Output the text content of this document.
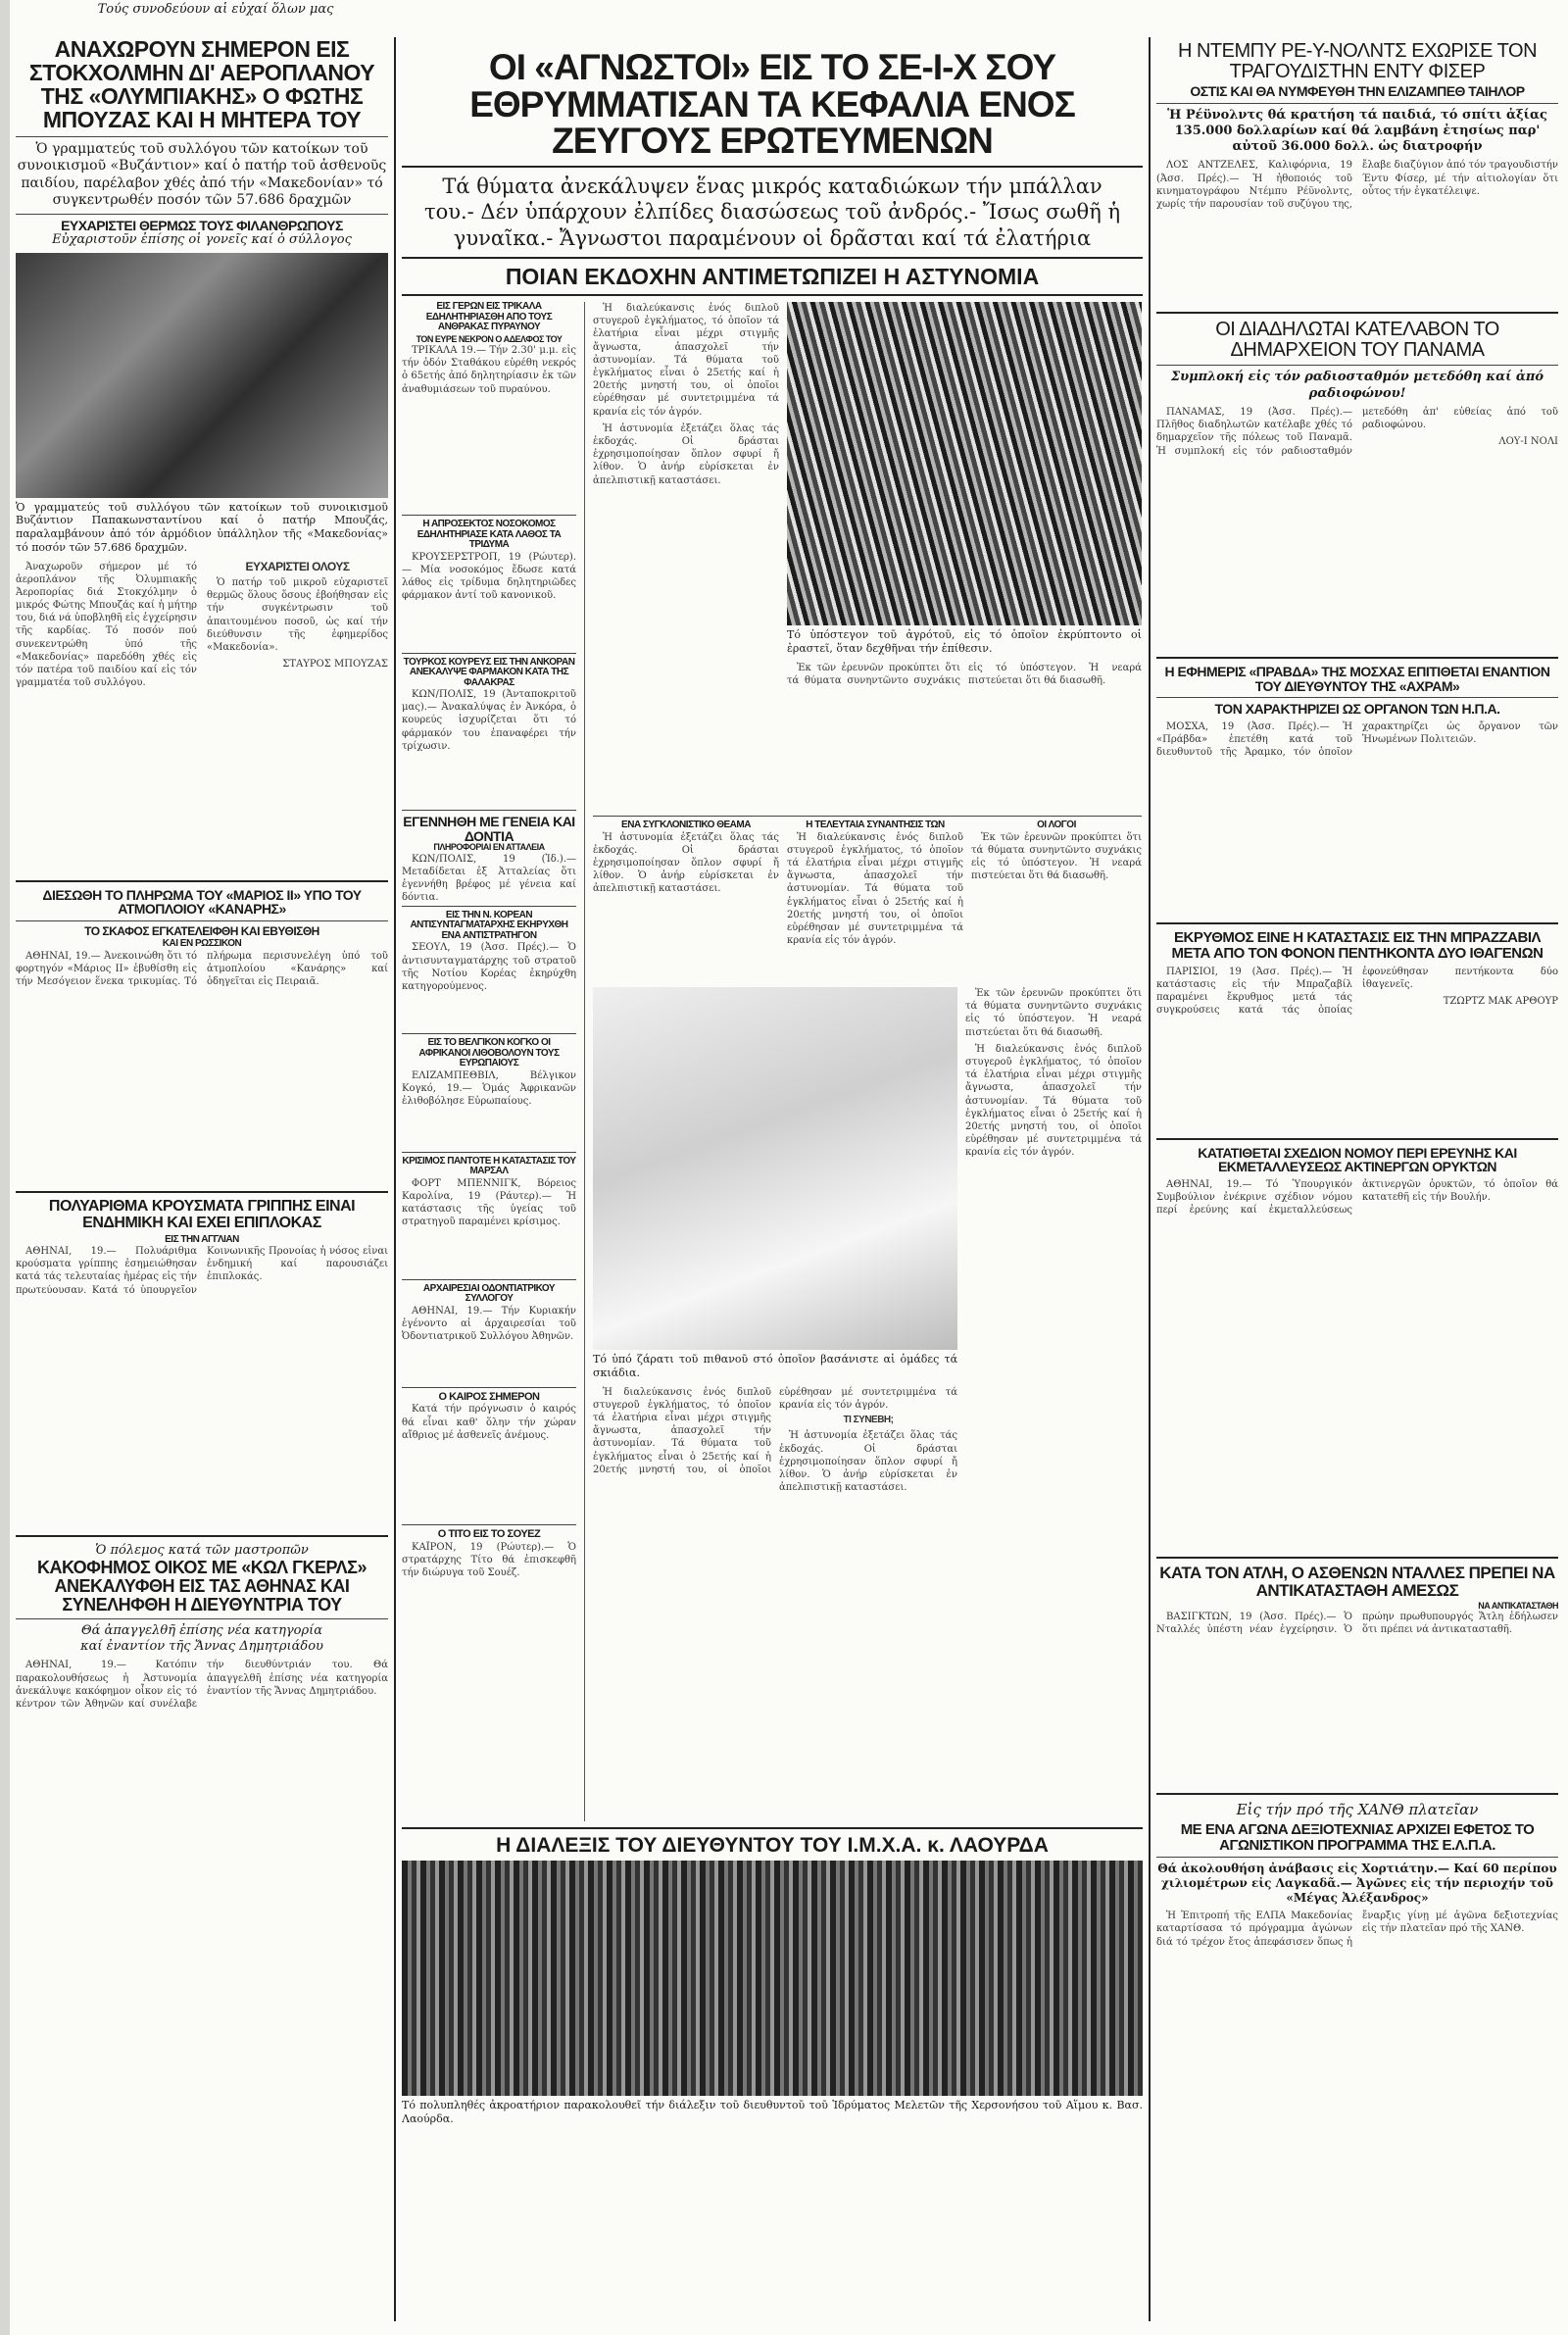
Τούς συνοδεύουν αἱ εὐχαί ὅλων μας
ΑΝΑΧΩΡΟΥΝ ΣΗΜΕΡΟΝ ΕΙΣ ΣΤΟΚΧΟΛΜΗΝ ΔΙ' ΑΕΡΟΠΛΑΝΟΥ ΤΗΣ «ΟΛΥΜΠΙΑΚΗΣ» Ο ΦΩΤΗΣ ΜΠΟΥΖΑΣ ΚΑΙ Η ΜΗΤΕΡΑ ΤΟΥ
Ὁ γραμματεύς τοῦ συλλόγου τῶν κατοίκων τοῦ συνοικισμοῦ «Βυζάντιον» καί ὁ πατήρ τοῦ ἀσθενοῦς παιδίου, παρέλαβον χθές ἀπό τήν «Μακεδονίαν» τό συγκεντρωθέν ποσόν τῶν 57.686 δραχμῶν
ΕΥΧΑΡΙΣΤΕΙ ΘΕΡΜΩΣ ΤΟΥΣ ΦΙΛΑΝΘΡΩΠΟΥΣ
Εὐχαριστοῦν ἐπίσης οἱ γονεῖς καί ὁ σύλλογος
Ὁ γραμματεύς τοῦ συλλόγου τῶν κατοίκων τοῦ συνοικισμοῦ Βυζάντιον Παπακωνσταντίνου καί ὁ πατήρ Μπουζάς, παραλαμβάνουν ἀπό τόν ἀρμόδιον ὑπάλληλον τῆς «Μακεδονίας» τό ποσόν τῶν 57.686 δραχμῶν.

Ἀναχωροῦν σήμερον μέ τό ἀεροπλάνον τῆς Ὀλυμπιακῆς Ἀεροπορίας διά Στοκχόλμην ὁ μικρός Φώτης Μπουζάς καί ἡ μήτηρ του, διά νά ὑποβληθῆ εἰς ἐγχείρησιν τῆς καρδίας. Τό ποσόν πού συνεκεντρώθη ὑπό τῆς «Μακεδονίας» παρεδόθη χθές εἰς τόν πατέρα τοῦ παιδίου καί εἰς τόν γραμματέα τοῦ συλλόγου.

ΕΥΧΑΡΙΣΤΕΙ ΟΛΟΥΣ

Ὁ πατήρ τοῦ μικροῦ εὐχαριστεῖ θερμῶς ὅλους ὅσους ἐβοήθησαν εἰς τήν συγκέντρωσιν τοῦ ἀπαιτουμένου ποσοῦ, ὡς καί τήν διεύθυνσιν τῆς ἐφημερίδος «Μακεδονία».

ΣΤΑΥΡΟΣ ΜΠΟΥΖΑΣ

ΔΙΕΣΩΘΗ ΤΟ ΠΛΗΡΩΜΑ ΤΟΥ «ΜΑΡΙΟΣ ΙΙ» ΥΠΟ ΤΟΥ ΑΤΜΟΠΛΟΙΟΥ «ΚΑΝΑΡΗΣ»
ΤΟ ΣΚΑΦΟΣ ΕΓΚΑΤΕΛΕΙΦΘΗ ΚΑΙ ΕΒΥΘΙΣΘΗ
ΚΑΙ ΕΝ ΡΩΣΣΙΚΟΝ

ΑΘΗΝΑΙ, 19.— Ἀνεκοινώθη ὅτι τό φορτηγόν «Μάριος ΙΙ» ἐβυθίσθη εἰς τήν Μεσόγειον ἕνεκα τρικυμίας. Τό πλήρωμα περισυνελέγη ὑπό τοῦ ἀτμοπλοίου «Κανάρης» καί ὁδηγεῖται εἰς Πειραιᾶ.

ΠΟΛΥΑΡΙΘΜΑ ΚΡΟΥΣΜΑΤΑ ΓΡΙΠΠΗΣ ΕΙΝΑΙ ΕΝΔΗΜΙΚΗ ΚΑΙ ΕΧΕΙ ΕΠΙΠΛΟΚΑΣ
ΕΙΣ ΤΗΝ ΑΓΓΛΙΑΝ

ΑΘΗΝΑΙ, 19.— Πολυάριθμα κρούσματα γρίππης ἐσημειώθησαν κατά τάς τελευταίας ἡμέρας εἰς τήν πρωτεύουσαν. Κατά τό ὑπουργεῖον Κοινωνικῆς Προνοίας ἡ νόσος εἶναι ἐνδημική καί παρουσιάζει ἐπιπλοκάς.

Ὁ πόλεμος κατά τῶν μαστροπῶν
ΚΑΚΟΦΗΜΟΣ ΟΙΚΟΣ ΜΕ «ΚΩΛ ΓΚΕΡΛΣ» ΑΝΕΚΑΛΥΦΘΗ ΕΙΣ ΤΑΣ ΑΘΗΝΑΣ ΚΑΙ ΣΥΝΕΛΗΦΘΗ Η ΔΙΕΥΘΥΝΤΡΙΑ ΤΟΥ
Θά ἀπαγγελθῆ ἐπίσης νέα κατηγορία
καί ἐναντίον τῆς Ἄννας Δημητριάδου

ΑΘΗΝΑΙ, 19.— Κατόπιν παρακολουθήσεως ἡ Ἀστυνομία ἀνεκάλυψε κακόφημον οἶκον εἰς τό κέντρον τῶν Ἀθηνῶν καί συνέλαβε τήν διευθύντριάν του. Θά ἀπαγγελθῆ ἐπίσης νέα κατηγορία ἐναντίον τῆς Ἄννας Δημητριάδου.

ΟΙ «ΑΓΝΩΣΤΟΙ» ΕΙΣ ΤΟ ΣΕ-Ι-Χ ΣΟΥ ΕΘΡΥΜΜΑΤΙΣΑΝ ΤΑ ΚΕΦΑΛΙΑ ΕΝΟΣ ΖΕΥΓΟΥΣ ΕΡΩΤΕΥΜΕΝΩΝ
Τά θύματα ἀνεκάλυψεν ἕνας μικρός καταδιώκων τήν μπάλλαν του.- Δέν ὑπάρχουν ἐλπίδες διασώσεως τοῦ ἀνδρός.- Ἴσως σωθῆ ἡ γυναῖκα.- Ἄγνωστοι παραμένουν οἱ δρᾶσται καί τά ἐλατήρια
ΠΟΙΑΝ ΕΚΔΟΧΗΝ ΑΝΤΙΜΕΤΩΠΙΖΕΙ Η ΑΣΤΥΝΟΜΙΑ
ΕΙΣ ΓΕΡΩΝ ΕΙΣ ΤΡΙΚΑΛΑ ΕΔΗΛΗΤΗΡΙΑΣΘΗ ΑΠΟ ΤΟΥΣ ΑΝΘΡΑΚΑΣ ΠΥΡΑΥΝΟΥ
ΤΟΝ ΕΥΡΕ ΝΕΚΡΟΝ Ο ΑΔΕΛΦΟΣ ΤΟΥ

ΤΡΙΚΑΛΑ 19.— Τήν 2.30' μ.μ. εἰς τήν ὁδόν Σταθάκου εὑρέθη νεκρός ὁ 65ετής ἀπό δηλητηρίασιν ἐκ τῶν ἀναθυμιάσεων τοῦ πυραύνου.

Η ΑΠΡΟΣΕΚΤΟΣ ΝΟΣΟΚΟΜΟΣ ΕΔΗΛΗΤΗΡΙΑΣΕ ΚΑΤΑ ΛΑΘΟΣ ΤΑ ΤΡΙΔΥΜΑ

ΚΡΟΥΣΕΡΣΤΡΟΠ, 19 (Ρώυτερ).— Μία νοσοκόμος ἔδωσε κατά λάθος εἰς τρίδυμα δηλητηριῶδες φάρμακον ἀντί τοῦ κανονικοῦ.

ΤΟΥΡΚΟΣ ΚΟΥΡΕΥΣ ΕΙΣ ΤΗΝ ΑΝΚΟΡΑΝ ΑΝΕΚΑΛΥΨΕ ΦΑΡΜΑΚΟΝ ΚΑΤΑ ΤΗΣ ΦΑΛΑΚΡΑΣ

ΚΩΝ/ΠΟΛΙΣ, 19 (Ἀνταποκριτοῦ μας).— Ἀνακαλύψας ἐν Ἀνκόρα, ὁ κουρεύς ἰσχυρίζεται ὅτι τό φάρμακόν του ἐπαναφέρει τήν τρίχωσιν.

ΕΓΕΝΝΗΘΗ ΜΕ ΓΕΝΕΙΑ ΚΑΙ ΔΟΝΤΙΑ
ΠΛΗΡΟΦΟΡΙΑΙ ΕΝ ΑΤΤΑΛΕΙΑ

ΚΩΝ/ΠΟΛΙΣ, 19 (Ἰδ.).— Μεταδίδεται ἐξ Ἀτταλείας ὅτι ἐγεννήθη βρέφος μέ γένεια καί δόντια.

ΕΙΣ ΤΗΝ Ν. ΚΟΡΕΑΝ ΑΝΤΙΣΥΝΤΑΓΜΑΤΑΡΧΗΣ ΕΚΗΡΥΧΘΗ ΕΝΑ ΑΝΤΙΣΤΡΑΤΗΓΟΝ

ΣΕΟΥΛ, 19 (Ἀσσ. Πρές).— Ὁ ἀντισυνταγματάρχης τοῦ στρατοῦ τῆς Νοτίου Κορέας ἐκηρύχθη κατηγορούμενος.

ΕΙΣ ΤΟ ΒΕΛΓΙΚΟΝ ΚΟΓΚΟ ΟΙ ΑΦΡΙΚΑΝΟΙ ΛΙΘΟΒΟΛΟΥΝ ΤΟΥΣ ΕΥΡΩΠΑΙΟΥΣ

ΕΛΙΖΑΜΠΕΘΒΙΛ, Βέλγικον Κογκό, 19.— Ὁμάς Ἀφρικανῶν ἐλιθοβόλησε Εὐρωπαίους.

ΚΡΙΣΙΜΟΣ ΠΑΝΤΟΤΕ Η ΚΑΤΑΣΤΑΣΙΣ ΤΟΥ ΜΑΡΣΑΛ

ΦΟΡΤ ΜΠΕΝΝΙΓΚ, Βόρειος Καρολίνα, 19 (Ράυτερ).— Ἡ κατάστασις τῆς ὑγείας τοῦ στρατηγοῦ παραμένει κρίσιμος.

ΑΡΧΑΙΡΕΣΙΑΙ ΟΔΟΝΤΙΑΤΡΙΚΟΥ ΣΥΛΛΟΓΟΥ

ΑΘΗΝΑΙ, 19.— Τήν Κυριακήν ἐγένοντο αἱ ἀρχαιρεσίαι τοῦ Ὀδοντιατρικοῦ Συλλόγου Ἀθηνῶν.

Ο ΚΑΙΡΟΣ ΣΗΜΕΡΟΝ

Κατά τήν πρόγνωσιν ὁ καιρός θά εἶναι καθ' ὅλην τήν χώραν αἴθριος μέ ἀσθενεῖς ἀνέμους.

Ο ΤΙΤΟ ΕΙΣ ΤΟ ΣΟΥΕΖ

ΚΑΪΡΟΝ, 19 (Ρώυτερ).— Ὁ στρατάρχης Τίτο θά ἐπισκεφθῆ τήν διώρυγα τοῦ Σουέζ.

Ἡ διαλεύκανσις ἑνός διπλοῦ στυγεροῦ ἐγκλήματος, τό ὁποῖον τά ἐλατήρια εἶναι μέχρι στιγμῆς ἄγνωστα, ἀπασχολεῖ τήν ἀστυνομίαν. Τά θύματα τοῦ ἐγκλήματος εἶναι ὁ 25ετής καί ἡ 20ετής μνηστή του, οἱ ὁποῖοι εὑρέθησαν μέ συντετριμμένα τά κρανία εἰς τόν ἀγρόν.

Ἡ ἀστυνομία ἐξετάζει ὅλας τάς ἐκδοχάς. Οἱ δράσται ἐχρησιμοποίησαν ὅπλον σφυρί ἤ λίθον. Ὁ ἀνήρ εὑρίσκεται ἐν ἀπελπιστικῇ καταστάσει.

Τό ὑπόστεγον τοῦ ἀγρότοῦ, εἰς τό ὁποῖον ἐκρύπτοντο οἱ ἐραστεῖ, ὅταν δεχθῆναι τήν ἐπίθεσιν.

Ἐκ τῶν ἐρευνῶν προκύπτει ὅτι τά θύματα συνηντῶντο συχνάκις εἰς τό ὑπόστεγον. Ἡ νεαρά πιστεύεται ὅτι θά διασωθῆ.

ΕΝΑ ΣΥΓΚΛΟΝΙΣΤΙΚΟ ΘΕΑΜΑ

Ἡ ἀστυνομία ἐξετάζει ὅλας τάς ἐκδοχάς. Οἱ δράσται ἐχρησιμοποίησαν ὅπλον σφυρί ἤ λίθον. Ὁ ἀνήρ εὑρίσκεται ἐν ἀπελπιστικῇ καταστάσει.

Η ΤΕΛΕΥΤΑΙΑ ΣΥΝΑΝΤΗΣΙΣ ΤΩΝ

Ἡ διαλεύκανσις ἑνός διπλοῦ στυγεροῦ ἐγκλήματος, τό ὁποῖον τά ἐλατήρια εἶναι μέχρι στιγμῆς ἄγνωστα, ἀπασχολεῖ τήν ἀστυνομίαν. Τά θύματα τοῦ ἐγκλήματος εἶναι ὁ 25ετής καί ἡ 20ετής μνηστή του, οἱ ὁποῖοι εὑρέθησαν μέ συντετριμμένα τά κρανία εἰς τόν ἀγρόν.

ΟΙ ΛΟΓΟΙ

Ἐκ τῶν ἐρευνῶν προκύπτει ὅτι τά θύματα συνηντῶντο συχνάκις εἰς τό ὑπόστεγον. Ἡ νεαρά πιστεύεται ὅτι θά διασωθῆ.

Τό ὑπό ζάρατι τοῦ πιθανοῦ στό ὁποῖον βασάνιστε αἱ ὀμάδες τά σκιάδια.

Ἡ διαλεύκανσις ἑνός διπλοῦ στυγεροῦ ἐγκλήματος, τό ὁποῖον τά ἐλατήρια εἶναι μέχρι στιγμῆς ἄγνωστα, ἀπασχολεῖ τήν ἀστυνομίαν. Τά θύματα τοῦ ἐγκλήματος εἶναι ὁ 25ετής καί ἡ 20ετής μνηστή του, οἱ ὁποῖοι εὑρέθησαν μέ συντετριμμένα τά κρανία εἰς τόν ἀγρόν.

ΤΙ ΣΥΝΕΒΗ;

Ἡ ἀστυνομία ἐξετάζει ὅλας τάς ἐκδοχάς. Οἱ δράσται ἐχρησιμοποίησαν ὅπλον σφυρί ἤ λίθον. Ὁ ἀνήρ εὑρίσκεται ἐν ἀπελπιστικῇ καταστάσει.

Ἐκ τῶν ἐρευνῶν προκύπτει ὅτι τά θύματα συνηντῶντο συχνάκις εἰς τό ὑπόστεγον. Ἡ νεαρά πιστεύεται ὅτι θά διασωθῆ.

Ἡ διαλεύκανσις ἑνός διπλοῦ στυγεροῦ ἐγκλήματος, τό ὁποῖον τά ἐλατήρια εἶναι μέχρι στιγμῆς ἄγνωστα, ἀπασχολεῖ τήν ἀστυνομίαν. Τά θύματα τοῦ ἐγκλήματος εἶναι ὁ 25ετής καί ἡ 20ετής μνηστή του, οἱ ὁποῖοι εὑρέθησαν μέ συντετριμμένα τά κρανία εἰς τόν ἀγρόν.

Η ΔΙΑΛΕΞΙΣ ΤΟΥ ΔΙΕΥΘΥΝΤΟΥ ΤΟΥ Ι.Μ.Χ.Α. κ. ΛΑΟΥΡΔΑ
Τό πολυπληθές ἀκροατήριον παρακολουθεῖ τήν διάλεξιν τοῦ διευθυντοῦ τοῦ Ἱδρύματος Μελετῶν τῆς Χερσονήσου τοῦ Αἵμου κ. Βασ. Λαούρδα.
Η ΝΤΕΜΠΥ ΡΕ-Υ-ΝΟΛΝΤΣ ΕΧΩΡΙΣΕ ΤΟΝ ΤΡΑΓΟΥΔΙΣΤΗΝ ΕΝΤΥ ΦΙΣΕΡ
ΟΣΤΙΣ ΚΑΙ ΘΑ ΝΥΜΦΕΥΘΗ ΤΗΝ ΕΛΙΖΑΜΠΕΘ ΤΑΙΗΛΟΡ
Ἡ Ρέϋνολντς θά κρατήση τά παιδιά, τό σπίτι ἀξίας 135.000 δολλαρίων καί θά λαμβάνη ἐτησίως παρ' αὐτοῦ 36.000 δολλ. ὡς διατροφήν

ΛΟΣ ΑΝΤΖΕΛΕΣ, Καλιφόρνια, 19 (Ἀσσ. Πρές).— Ἡ ἠθοποιός τοῦ κινηματογράφου Ντέμπυ Ρέϋνολντς, χωρίς τήν παρουσίαν τοῦ συζύγου της, ἔλαβε διαζύγιον ἀπό τόν τραγουδιστήν Έντυ Φίσερ, μέ τήν αἰτιολογίαν ὅτι οὗτος τήν ἐγκατέλειψε.

ΟΙ ΔΙΑΔΗΛΩΤΑΙ ΚΑΤΕΛΑΒΟΝ ΤΟ ΔΗΜΑΡΧΕΙΟΝ ΤΟΥ ΠΑΝΑΜΑ
Συμπλοκή εἰς τόν ραδιοσταθμόν μετεδόθη καί ἀπό ραδιοφώνου!

ΠΑΝΑΜΑΣ, 19 (Ἀσσ. Πρές).— Πλῆθος διαδηλωτῶν κατέλαβε χθές τό δημαρχεῖον τῆς πόλεως τοῦ Παναμᾶ. Ἡ συμπλοκή εἰς τόν ραδιοσταθμόν μετεδόθη ἀπ' εὐθείας ἀπό τοῦ ραδιοφώνου.

ΛΟΥ-Ι ΝΟΛΙ

Η ΕΦΗΜΕΡΙΣ «ΠΡΑΒΔΑ» ΤΗΣ ΜΟΣΧΑΣ ΕΠΙΤΙΘΕΤΑΙ ΕΝΑΝΤΙΟΝ ΤΟΥ ΔΙΕΥΘΥΝΤΟΥ ΤΗΣ «ΑΧΡΑΜ»
ΤΟΝ ΧΑΡΑΚΤΗΡΙΖΕΙ ΩΣ ΟΡΓΑΝΟΝ ΤΩΝ Η.Π.Α.

ΜΟΣΧΑ, 19 (Ἀσσ. Πρές).— Ἡ «Πράβδα» ἐπετέθη κατά τοῦ διευθυντοῦ τῆς Ἀραμκο, τόν ὁποῖον χαρακτηρίζει ὡς ὄργανον τῶν Ἡνωμένων Πολιτειῶν.

ΕΚΡΥΘΜΟΣ ΕΙΝΕ Η ΚΑΤΑΣΤΑΣΙΣ ΕΙΣ ΤΗΝ ΜΠΡΑΖΖΑΒΙΛ ΜΕΤΑ ΑΠΟ ΤΟΝ ΦΟΝΟΝ ΠΕΝΤΗΚΟΝΤΑ ΔΥΟ ΙΘΑΓΕΝΩΝ

ΠΑΡΙΣΙΟΙ, 19 (Ἀσσ. Πρές).— Ἡ κατάστασις εἰς τήν Μπραζαβίλ παραμένει ἔκρυθμος μετά τάς συγκρούσεις κατά τάς ὁποίας ἐφονεύθησαν πεντήκοντα δύο ἰθαγενεῖς.

ΤΖΩΡΤΖ ΜΑΚ ΑΡΘΟΥΡ

ΚΑΤΑΤΙΘΕΤΑΙ ΣΧΕΔΙΟΝ ΝΟΜΟΥ ΠΕΡΙ ΕΡΕΥΝΗΣ ΚΑΙ ΕΚΜΕΤΑΛΛΕΥΣΕΩΣ ΑΚΤΙΝΕΡΓΩΝ ΟΡΥΚΤΩΝ

ΑΘΗΝΑΙ, 19.— Τό Ὑπουργικόν Συμβούλιον ἐνέκρινε σχέδιον νόμου περί ἐρεύνης καί ἐκμεταλλεύσεως ἀκτινεργῶν ὀρυκτῶν, τό ὁποῖον θά κατατεθῆ εἰς τήν Βουλήν.

ΚΑΤΑ ΤΟΝ ΑΤΛΗ, Ο ΑΣΘΕΝΩΝ ΝΤΑΛΛΕΣ ΠΡΕΠΕΙ ΝΑ ΑΝΤΙΚΑΤΑΣΤΑΘΗ ΑΜΕΣΩΣ
ΝΑ ΑΝΤΙΚΑΤΑΣΤΑΘΗ

ΒΑΣΙΓΚΤΩΝ, 19 (Ἀσσ. Πρές).— Ὁ Νταλλές ὑπέστη νέαν ἐγχείρησιν. Ὁ πρώην πρωθυπουργός Ἄτλη ἐδήλωσεν ὅτι πρέπει νά ἀντικατασταθῆ.

Εἰς τήν πρό τῆς ΧΑΝΘ πλατεῖαν
ΜΕ ΕΝΑ ΑΓΩΝΑ ΔΕΞΙΟΤΕΧΝΙΑΣ ΑΡΧΙΖΕΙ ΕΦΕΤΟΣ ΤΟ ΑΓΩΝΙΣΤΙΚΟΝ ΠΡΟΓΡΑΜΜΑ ΤΗΣ Ε.Λ.Π.Α.
Θά ἀκολουθήση ἀνάβασις εἰς Χορτιάτην.— Καί 60 περίπου χιλιομέτρων εἰς Λαγκαδᾶ.— Ἀγῶνες εἰς τήν περιοχήν τοῦ «Μέγας Ἀλέξανδρος»

Ἡ Ἐπιτροπή τῆς ΕΛΠΑ Μακεδονίας καταρτίσασα τό πρόγραμμα ἀγώνων διά τό τρέχον ἔτος ἀπεφάσισεν ὅπως ἡ ἔναρξις γίνῃ μέ ἀγῶνα δεξιοτεχνίας εἰς τήν πλατεῖαν πρό τῆς ΧΑΝΘ.
